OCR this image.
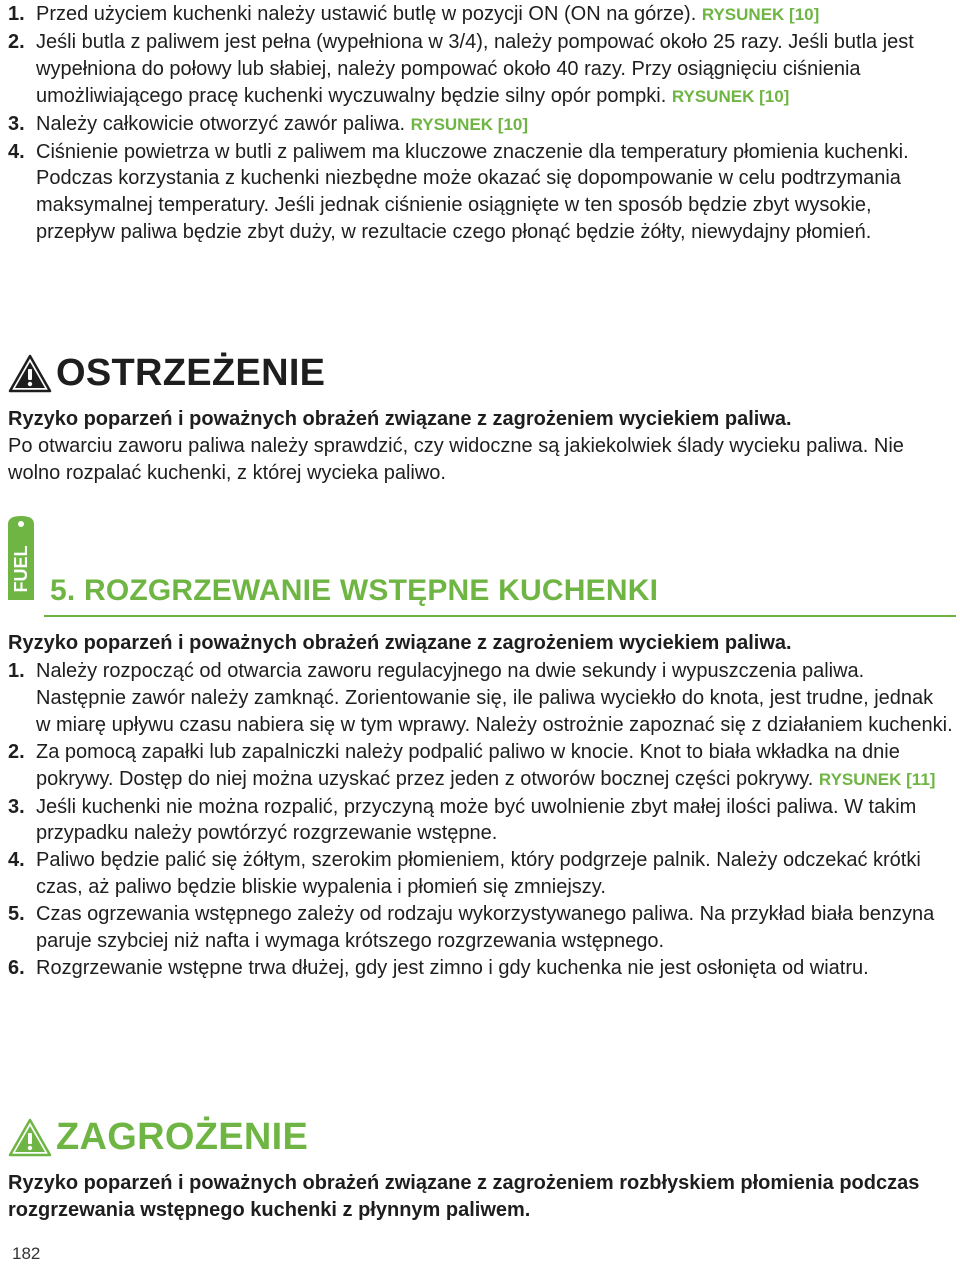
1. Przed użyciem kuchenki należy ustawić butlę w pozycji ON (ON na górze). RYSUNEK [10]
2. Jeśli butla z paliwem jest pełna (wypełniona w 3/4), należy pompować około 25 razy. Jeśli butla jest wypełniona do połowy lub słabiej, należy pompować około 40 razy. Przy osiągnięciu ciśnienia umożliwiającego pracę kuchenki wyczuwalny będzie silny opór pompki. RYSUNEK [10]
3. Należy całkowicie otworzyć zawór paliwa. RYSUNEK [10]
4. Ciśnienie powietrza w butli z paliwem ma kluczowe znaczenie dla temperatury płomienia kuchenki. Podczas korzystania z kuchenki niezbędne może okazać się dopompowanie w celu podtrzymania maksymalnej temperatury. Jeśli jednak ciśnienie osiągnięte w ten sposób będzie zbyt wysokie, przepływ paliwa będzie zbyt duży, w rezultacie czego płonąć będzie żółty, niewydajny płomień.
OSTRZEŻENIE

Ryzyko poparzeń i poważnych obrażeń związane z zagrożeniem wyciekiem paliwa.

Po otwarciu zaworu paliwa należy sprawdzić, czy widoczne są jakiekolwiek ślady wycieku paliwa. Nie wolno rozpalać kuchenki, z której wycieka paliwo.

FUEL 5. ROZGRZEWANIE WSTĘPNE KUCHENKI

Ryzyko poparzeń i poważnych obrażeń związane z zagrożeniem wyciekiem paliwa.

1. Należy rozpocząć od otwarcia zaworu regulacyjnego na dwie sekundy i wypuszczenia paliwa. Następnie zawór należy zamknąć. Zorientowanie się, ile paliwa wyciekło do knota, jest trudne, jednak w miarę upływu czasu nabiera się w tym wprawy. Należy ostrożnie zapoznać się z działaniem kuchenki.
2. Za pomocą zapałki lub zapalniczki należy podpalić paliwo w knocie. Knot to biała wkładka na dnie pokrywy. Dostęp do niej można uzyskać przez jeden z otworów bocznej części pokrywy. RYSUNEK [11]
3. Jeśli kuchenki nie można rozpalić, przyczyną może być uwolnienie zbyt małej ilości paliwa. W takim przypadku należy powtórzyć rozgrzewanie wstępne.
4. Paliwo będzie palić się żółtym, szerokim płomieniem, który podgrzeje palnik. Należy odczekać krótki czas, aż paliwo będzie bliskie wypalenia i płomień się zmniejszy.
5. Czas ogrzewania wstępnego zależy od rodzaju wykorzystywanego paliwa. Na przykład biała benzyna paruje szybciej niż nafta i wymaga krótszego rozgrzewania wstępnego.
6. Rozgrzewanie wstępne trwa dłużej, gdy jest zimno i gdy kuchenka nie jest osłonięta od wiatru.
ZAGROŻENIE

Ryzyko poparzeń i poważnych obrażeń związane z zagrożeniem rozbłyskiem płomienia podczas rozgrzewania wstępnego kuchenki z płynnym paliwem.

182
